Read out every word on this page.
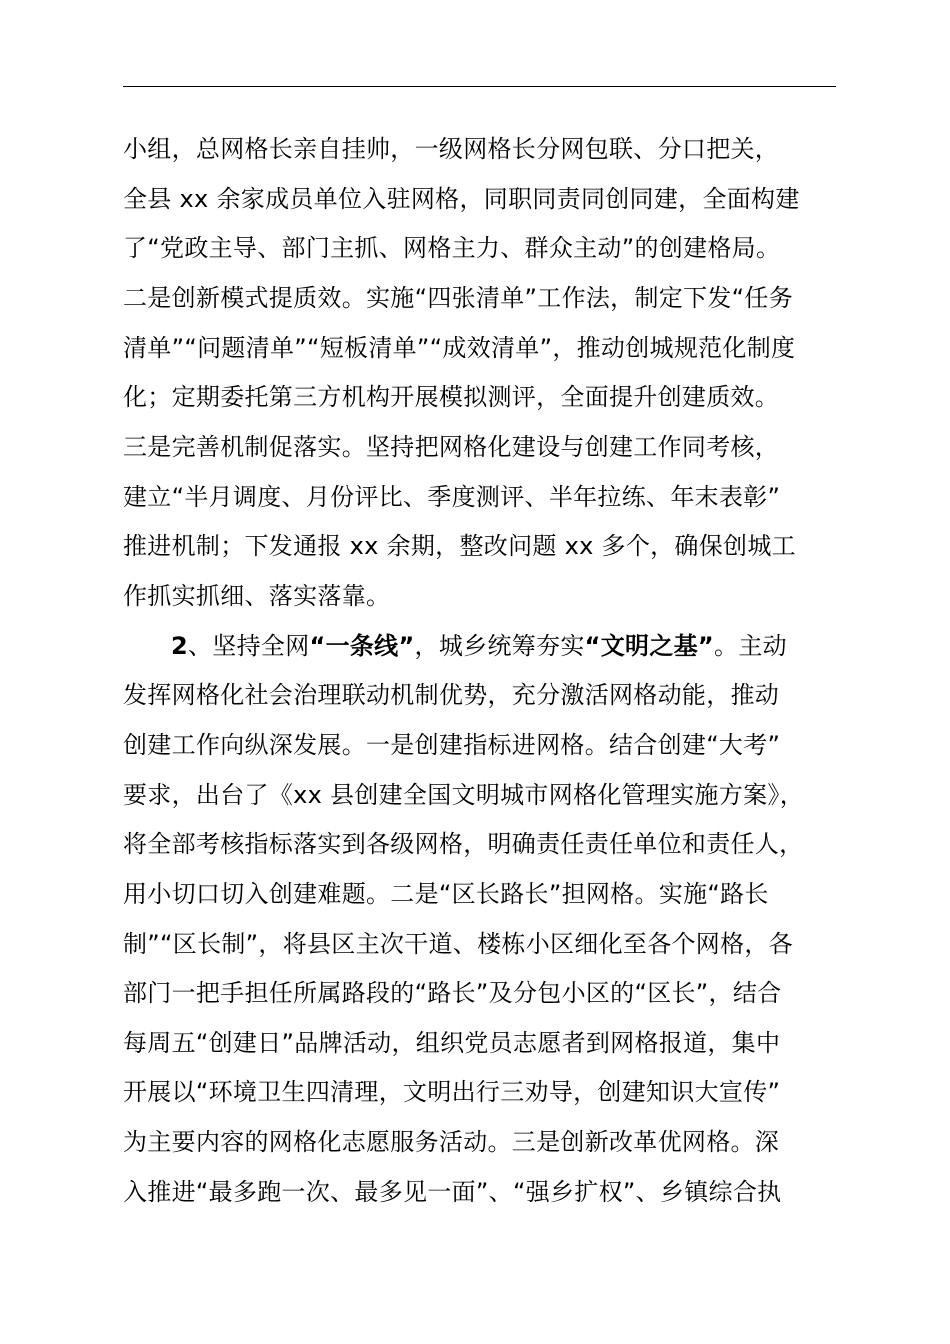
小组，总网格长亲自挂帅，一级网格长分网包联、分口把关，
全县 xx 余家成员单位入驻网格，同职同责同创同建，全面构建
了“党政主导、部门主抓、网格主力、群众主动”的创建格局。
二是创新模式提质效。实施“四张清单”工作法，制定下发“任务
清单”“问题清单”“短板清单”“成效清单”，推动创城规范化制度
化；定期委托第三方机构开展模拟测评，全面提升创建质效。
三是完善机制促落实。坚持把网格化建设与创建工作同考核，
建立“半月调度、月份评比、季度测评、半年拉练、年末表彰”
推进机制；下发通报 xx 余期，整改问题 xx 多个，确保创城工
作抓实抓细、落实落靠。
2、坚持全网“一条线”，城乡统筹夯实“文明之基”。主动
发挥网格化社会治理联动机制优势，充分激活网格动能，推动
创建工作向纵深发展。一是创建指标进网格。结合创建“大考”
要求，出台了《xx 县创建全国文明城市网格化管理实施方案》，
将全部考核指标落实到各级网格，明确责任责任单位和责任人，
用小切口切入创建难题。二是“区长路长”担网格。实施“路长
制”“区长制”，将县区主次干道、楼栋小区细化至各个网格，各
部门一把手担任所属路段的“路长”及分包小区的“区长”，结合
每周五“创建日”品牌活动，组织党员志愿者到网格报道，集中
开展以“环境卫生四清理，文明出行三劝导，创建知识大宣传”
为主要内容的网格化志愿服务活动。三是创新改革优网格。深
入推进“最多跑一次、最多见一面”、“强乡扩权”、乡镇综合执
